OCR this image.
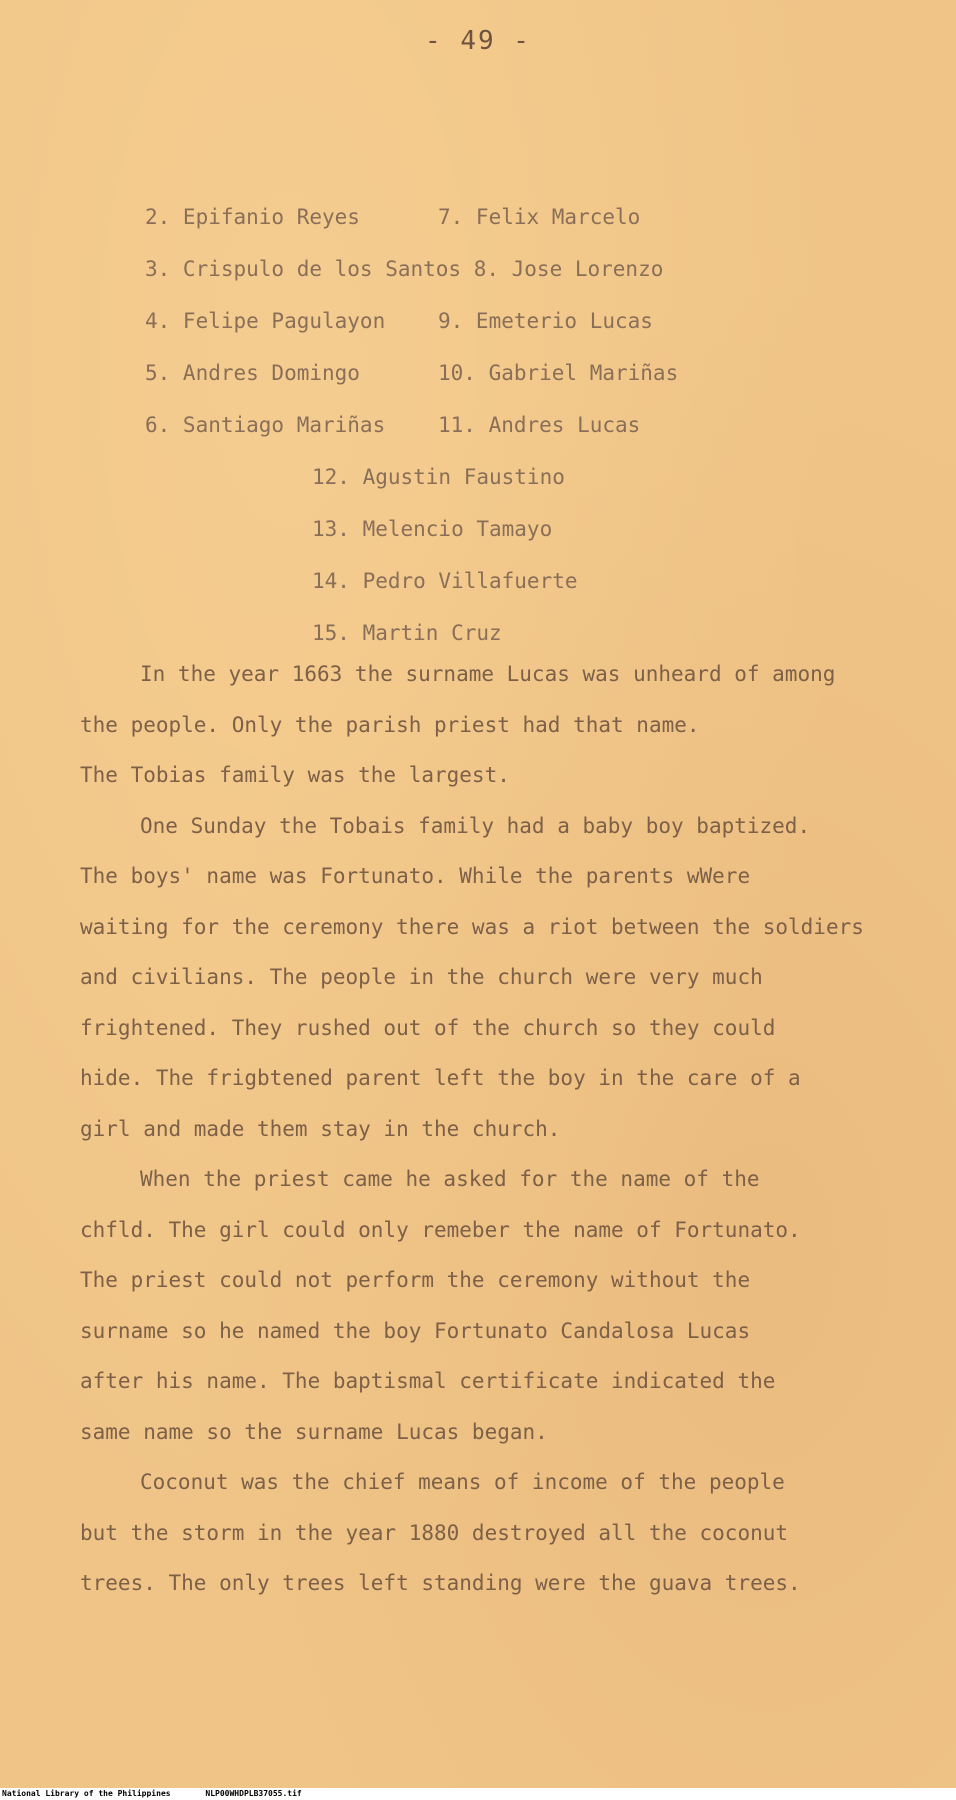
- 49 -
2. Epifanio Reyes
3. Crispulo de los Santos 8. Jose Lorenzo
4. Felipe Pagulayon
5. Andres Domingo
6. Santiago Mariñas
7. Felix Marcelo
9. Emeterio Lucas
10. Gabriel Mariñas
11. Andres Lucas
12. Agustin Faustino
13. Melencio Tamayo
14. Pedro Villafuerte
15. Martin Cruz
In the year 1663 the surname Lucas was unheard of among
the people. Only the parish priest had that name.
The Tobias family was the largest.
One Sunday the Tobais family had a baby boy baptized.
The boys' name was Fortunato. While the parents wWere
waiting for the ceremony there was a riot between the soldiers
and civilians. The people in the church were very much
frightened. They rushed out of the church so they could
hide. The frigbtened parent left the boy in the care of a
girl and made them stay in the church.
When the priest came he asked for the name of the
chfld. The girl could only remeber the name of Fortunato.
The priest could not perform the ceremony without the
surname so he named the boy Fortunato Candalosa Lucas
after his name. The baptismal certificate indicated the
same name so the surname Lucas began.
Coconut was the chief means of income of the people
but the storm in the year 1880 destroyed all the coconut
trees. The only trees left standing were the guava trees.
National Library of the Philippines	NLP00WHDPLB37055.tif
